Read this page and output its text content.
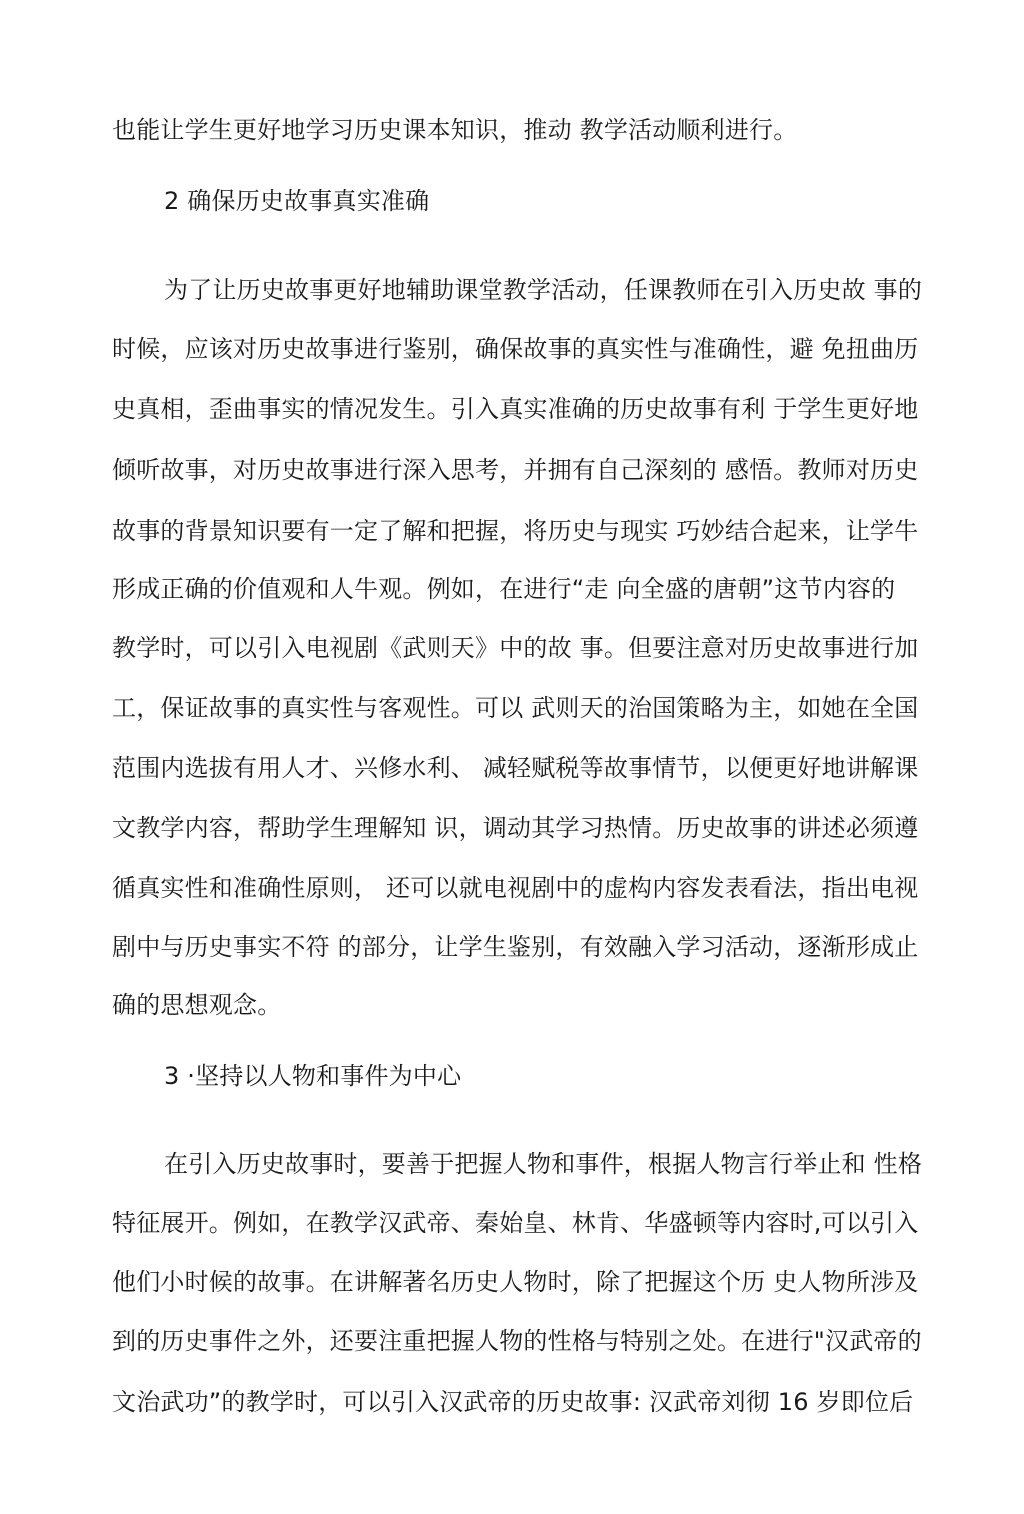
也能让学生更好地学习历史课本知识，推动 教学活动顺利进行。
2 确保历史故事真实准确
为了让历史故事更好地辅助课堂教学活动，任课教师在引入历史故 事的
时候，应该对历史故事进行鉴别，确保故事的真实性与准确性，避 免扭曲历
史真相，歪曲事实的情况发生。引入真实准确的历史故事有利 于学生更好地
倾听故事，对历史故事进行深入思考，并拥有自己深刻的 感悟。教师对历史
故事的背景知识要有一定了解和把握，将历史与现实 巧妙结合起来，让学牛
形成正确的价值观和人牛观。例如，在进行“走 向全盛的唐朝”这节内容的
教学时，可以引入电视剧《武则天》中的故 事。但要注意对历史故事进行加
工，保证故事的真实性与客观性。可以 武则天的治国策略为主，如她在全国
范围内选拔有用人才、兴修水利、 减轻赋税等故事情节，以便更好地讲解课
文教学内容，帮助学生理解知 识，调动其学习热情。历史故事的讲述必须遵
循真实性和准确性原则， 还可以就电视剧中的虚构内容发表看法，指出电视
剧中与历史事实不符 的部分，让学生鉴别，有效融入学习活动，逐渐形成止
确的思想观念。
3 ·坚持以人物和事件为中心
在引入历史故事时，要善于把握人物和事件，根据人物言行举止和 性格
特征展开。例如，在教学汉武帝、秦始皇、林肯、华盛顿等内容时,可以引入
他们小时候的故事。在讲解著名历史人物时，除了把握这个历 史人物所涉及
到的历史事件之外，还要注重把握人物的性格与特别之处。在进行"汉武帝的
文治武功”的教学时，可以引入汉武帝的历史故事: 汉武帝刘彻 16 岁即位后
